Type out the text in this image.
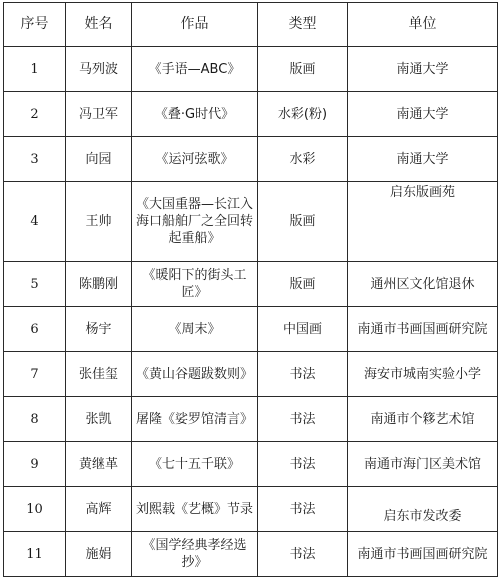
序号	姓名	作品	类型	单位
1	马列波	《手语—ABC》	版画	南通大学
2	冯卫军	《叠·G时代》	水彩(粉)	南通大学
3	向园	《运河弦歌》	水彩	南通大学
4	王帅	《大国重器—长江入海口船舶厂之全回转起重船》	版画	启东版画苑
5	陈鹏刚	《暖阳下的街头工匠》	版画	通州区文化馆退休
6	杨宇	《周末》	中国画	南通市书画国画研究院
7	张佳玺	《黄山谷题跋数则》	书法	海安市城南实验小学
8	张凯	屠隆《娑罗馆清言》	书法	南通市个簃艺术馆
9	黄继革	《七十五千联》	书法	南通市海门区美术馆
10	高辉	刘熙载《艺概》节录	书法	启东市发改委
11	施娟	《国学经典孝经选抄》	书法	南通市书画国画研究院
